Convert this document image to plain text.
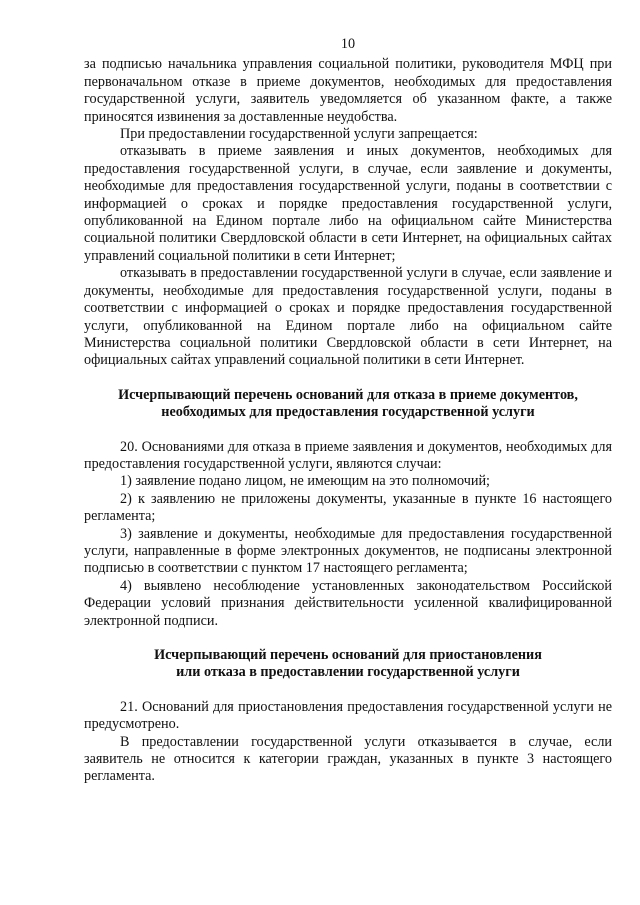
10

за подписью начальника управления социальной политики, руководителя МФЦ при первоначальном отказе в приеме документов, необходимых для предоставления государственной услуги, заявитель уведомляется об указанном факте, а также приносятся извинения за доставленные неудобства.

При предоставлении государственной услуги запрещается:

отказывать в приеме заявления и иных документов, необходимых для предоставления государственной услуги, в случае, если заявление и документы, необходимые для предоставления государственной услуги, поданы в соответствии с информацией о сроках и порядке предоставления государственной услуги, опубликованной на Едином портале либо на официальном сайте Министерства социальной политики Свердловской области в сети Интернет, на официальных сайтах управлений социальной политики в сети Интернет;

отказывать в предоставлении государственной услуги в случае, если заявление и документы, необходимые для предоставления государственной услуги, поданы в соответствии с информацией о сроках и порядке предоставления государственной услуги, опубликованной на Едином портале либо на официальном сайте Министерства социальной политики Свердловской области в сети Интернет, на официальных сайтах управлений социальной политики в сети Интернет.

Исчерпывающий перечень оснований для отказа в приеме документов,
необходимых для предоставления государственной услуги

20. Основаниями для отказа в приеме заявления и документов, необходимых для предоставления государственной услуги, являются случаи:

1) заявление подано лицом, не имеющим на это полномочий;

2) к заявлению не приложены документы, указанные в пункте 16 настоящего регламента;

3) заявление и документы, необходимые для предоставления государственной услуги, направленные в форме электронных документов, не подписаны электронной подписью в соответствии с пунктом 17 настоящего регламента;

4) выявлено несоблюдение установленных законодательством Российской Федерации условий признания действительности усиленной квалифицированной электронной подписи.

Исчерпывающий перечень оснований для приостановления
или отказа в предоставлении государственной услуги

21. Оснований для приостановления предоставления государственной услуги не предусмотрено.

В предоставлении государственной услуги отказывается в случае, если заявитель не относится к категории граждан, указанных в пункте 3 настоящего регламента.
